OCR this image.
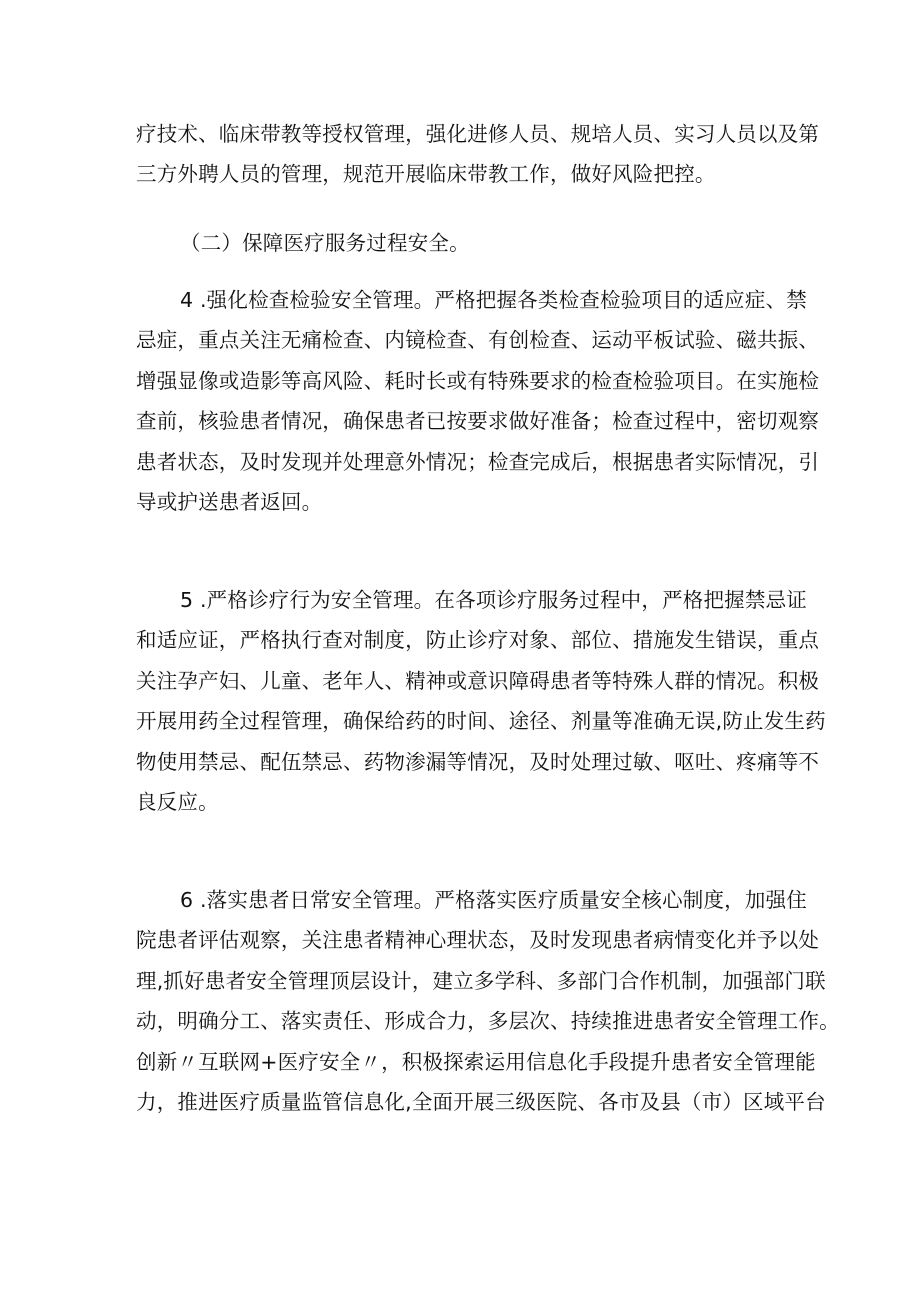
疗技术、临床带教等授权管理，强化进修人员、规培人员、实习人员以及第
三方外聘人员的管理，规范开展临床带教工作，做好风险把控。
（二）保障医疗服务过程安全。
4 .强化检查检验安全管理。严格把握各类检查检验项目的适应症、禁
忌症，重点关注无痛检查、内镜检查、有创检查、运动平板试验、磁共振、
增强显像或造影等高风险、耗时长或有特殊要求的检查检验项目。在实施检
查前，核验患者情况，确保患者已按要求做好准备；检查过程中，密切观察
患者状态，及时发现并处理意外情况；检查完成后，根据患者实际情况，引
导或护送患者返回。
5 .严格诊疗行为安全管理。在各项诊疗服务过程中，严格把握禁忌证
和适应证，严格执行查对制度，防止诊疗对象、部位、措施发生错误，重点
关注孕产妇、儿童、老年人、精神或意识障碍患者等特殊人群的情况。积极
开展用药全过程管理，确保给药的时间、途径、剂量等准确无误,防止发生药
物使用禁忌、配伍禁忌、药物渗漏等情况，及时处理过敏、呕吐、疼痛等不
良反应。
6 .落实患者日常安全管理。严格落实医疗质量安全核心制度，加强住
院患者评估观察，关注患者精神心理状态，及时发现患者病情变化并予以处
理,抓好患者安全管理顶层设计，建立多学科、多部门合作机制，加强部门联
动，明确分工、落实责任、形成合力，多层次、持续推进患者安全管理工作。
创新〃互联网+医疗安全〃，积极探索运用信息化手段提升患者安全管理能
力，推进医疗质量监管信息化,全面开展三级医院、各市及县（市）区域平台
